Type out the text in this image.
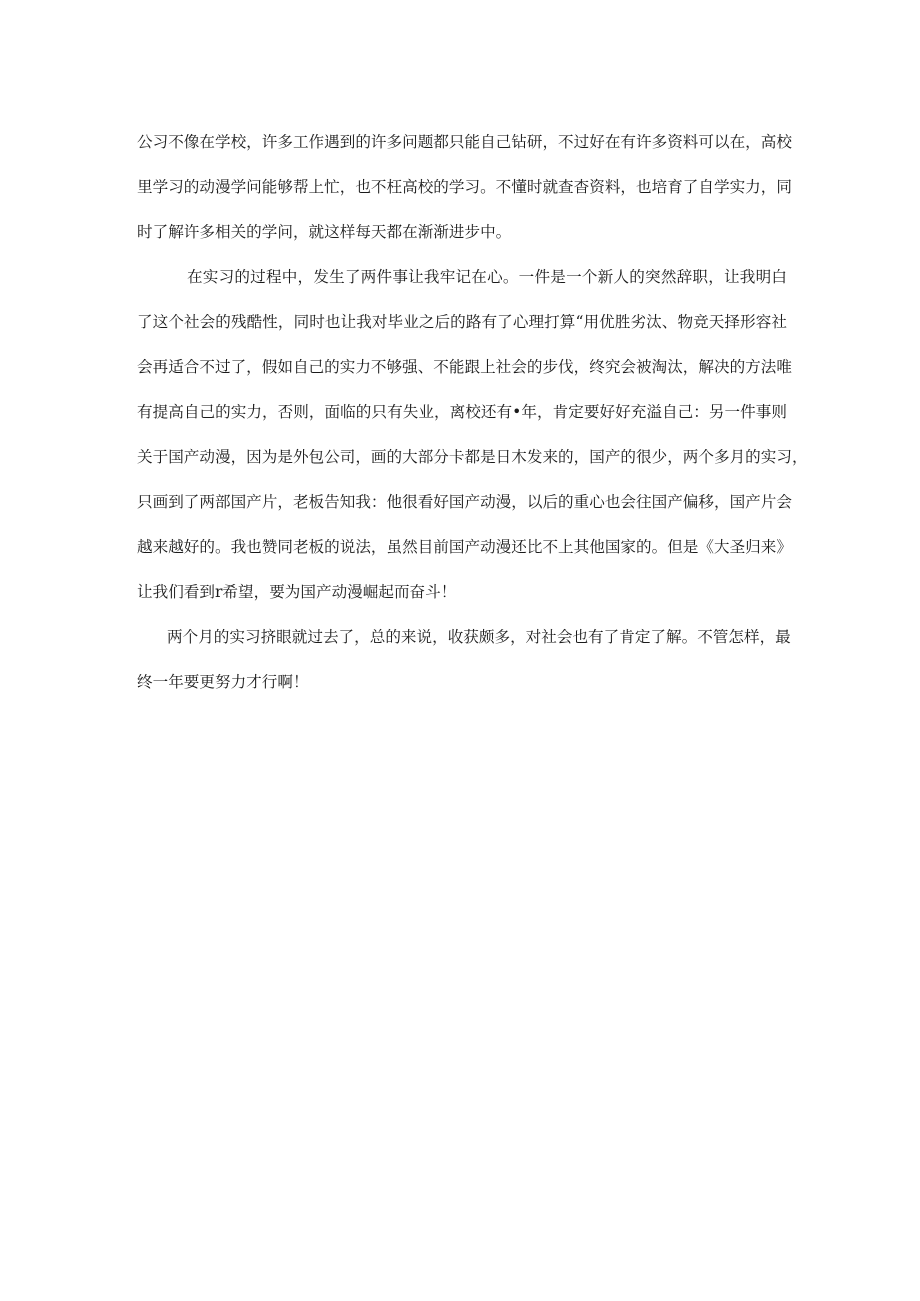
公习不像在学校，许多工作遇到的许多问题都只能自己钻研，不过好在有许多资料可以在，高校
里学习的动漫学问能够帮上忙，也不枉高校的学习。不懂时就查杳资料，也培育了自学实力，同
时了解许多相关的学问，就这样每天都在渐渐进步中。
在实习的过程中，发生了两件事让我牢记在心。一件是一个新人的突然辞职，让我明白
了这个社会的残酷性，同时也让我对毕业之后的路有了心理打算“用优胜劣汰、物竞天择形容社
会再适合不过了，假如自己的实力不够强、不能跟上社会的步伐，终究会被淘汰，解决的方法唯
有提高自己的实力，否则，面临的只有失业，离校还有•年，肯定要好好充溢自己：另一件事则
关于国产动漫，因为是外包公司，画的大部分卡都是日木发来的，国产的很少，两个多月的实习，
只画到了两部国产片，老板告知我：他很看好国产动漫，以后的重心也会往国产偏移，国产片会
越来越好的。我也赞同老板的说法，虽然目前国产动漫还比不上其他国家的。但是《大圣归来》
让我们看到r希望，要为国产动漫崛起而奋斗！
两个月的实习挤眼就过去了，总的来说，收获颇多，对社会也有了肯定了解。不管怎样，最
终一年要更努力才行啊！
